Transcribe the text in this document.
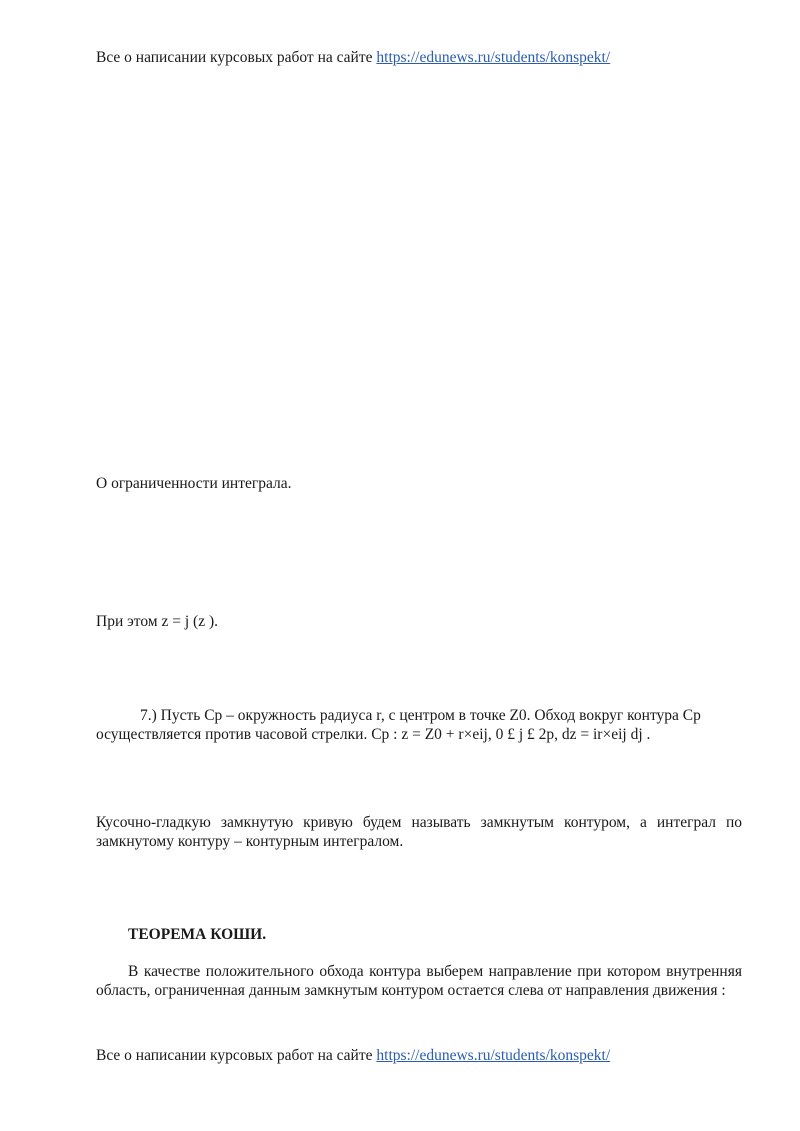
Все о написании курсовых работ на сайте https://edunews.ru/students/konspekt/
О ограниченности интеграла.
При этом z = j (z ).
7.) Пусть Cp – окружность радиуса r, с центром в точке Z0. Обход вокруг контура Cp
осуществляется против часовой стрелки. Cp : z = Z0 + r×eij, 0 £ j £ 2p, dz = ir×eij dj .
Кусочно-гладкую замкнутую кривую будем называть замкнутым контуром, а интеграл по замкнутому контуру – контурным интегралом.
ТЕОРЕМА КОШИ.
В качестве положительного обхода контура выберем направление при котором внутренняя область, ограниченная данным замкнутым контуром остается слева от направления движения :
Все о написании курсовых работ на сайте https://edunews.ru/students/konspekt/
